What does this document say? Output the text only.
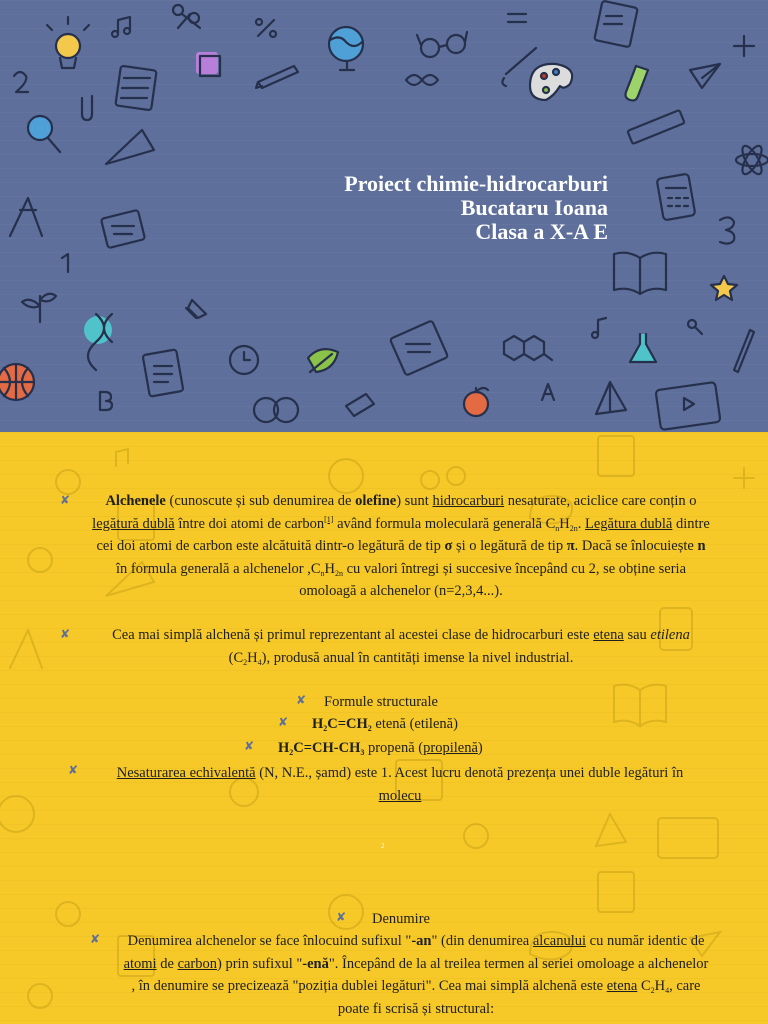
Proiect chimie-hidrocarburi
Bucataru Ioana
Clasa a X-A E
✘	Alchenele (cunoscute și sub denumirea de olefine) sunt hidrocarburi nesaturate, aciclice care conțin o legătură dublă între doi atomi de carbon[1] având formula moleculară generală $C_nH_{2n}$. Legătura dublă dintre cei doi atomi de carbon este alcătuită dintr-o legătură de tip σ și o legătură de tip π. Dacă se înlocuiește n în formula generală a alchenelor $,C_nH_{2n}$ cu valori întregi și succesive începând cu 2, se obține seria omoloagă a alchenelor (n=2,3,4...).
✘	Cea mai simplă alchenă și primul reprezentant al acestei clase de hidrocarburi este etena sau etilena $(C_2H_4)$, produsă anual în cantități imense la nivel industrial.
✘ Formule structurale
✘ $H_2C=CH_2$ etenă (etilenă)
✘ $H_2C=CH-CH_3$ propenă (propilenă)
✘	Nesaturarea echivalentă (N, N.E., șamd) este 1. Acest lucru denotă prezența unei duble legături în molecu
2
✘ Denumire
✘	Denumirea alchenelor se face înlocuind sufixul "-an" (din denumirea alcanului cu număr identic de atomi de carbon) prin sufixul "-enă". Începând de la al treilea termen al seriei omoloage a alchenelor , în denumire se precizează "poziția dublei legături". Cea mai simplă alchenă este etena $C_2H_4$, care poate fi scrisă și structural:
